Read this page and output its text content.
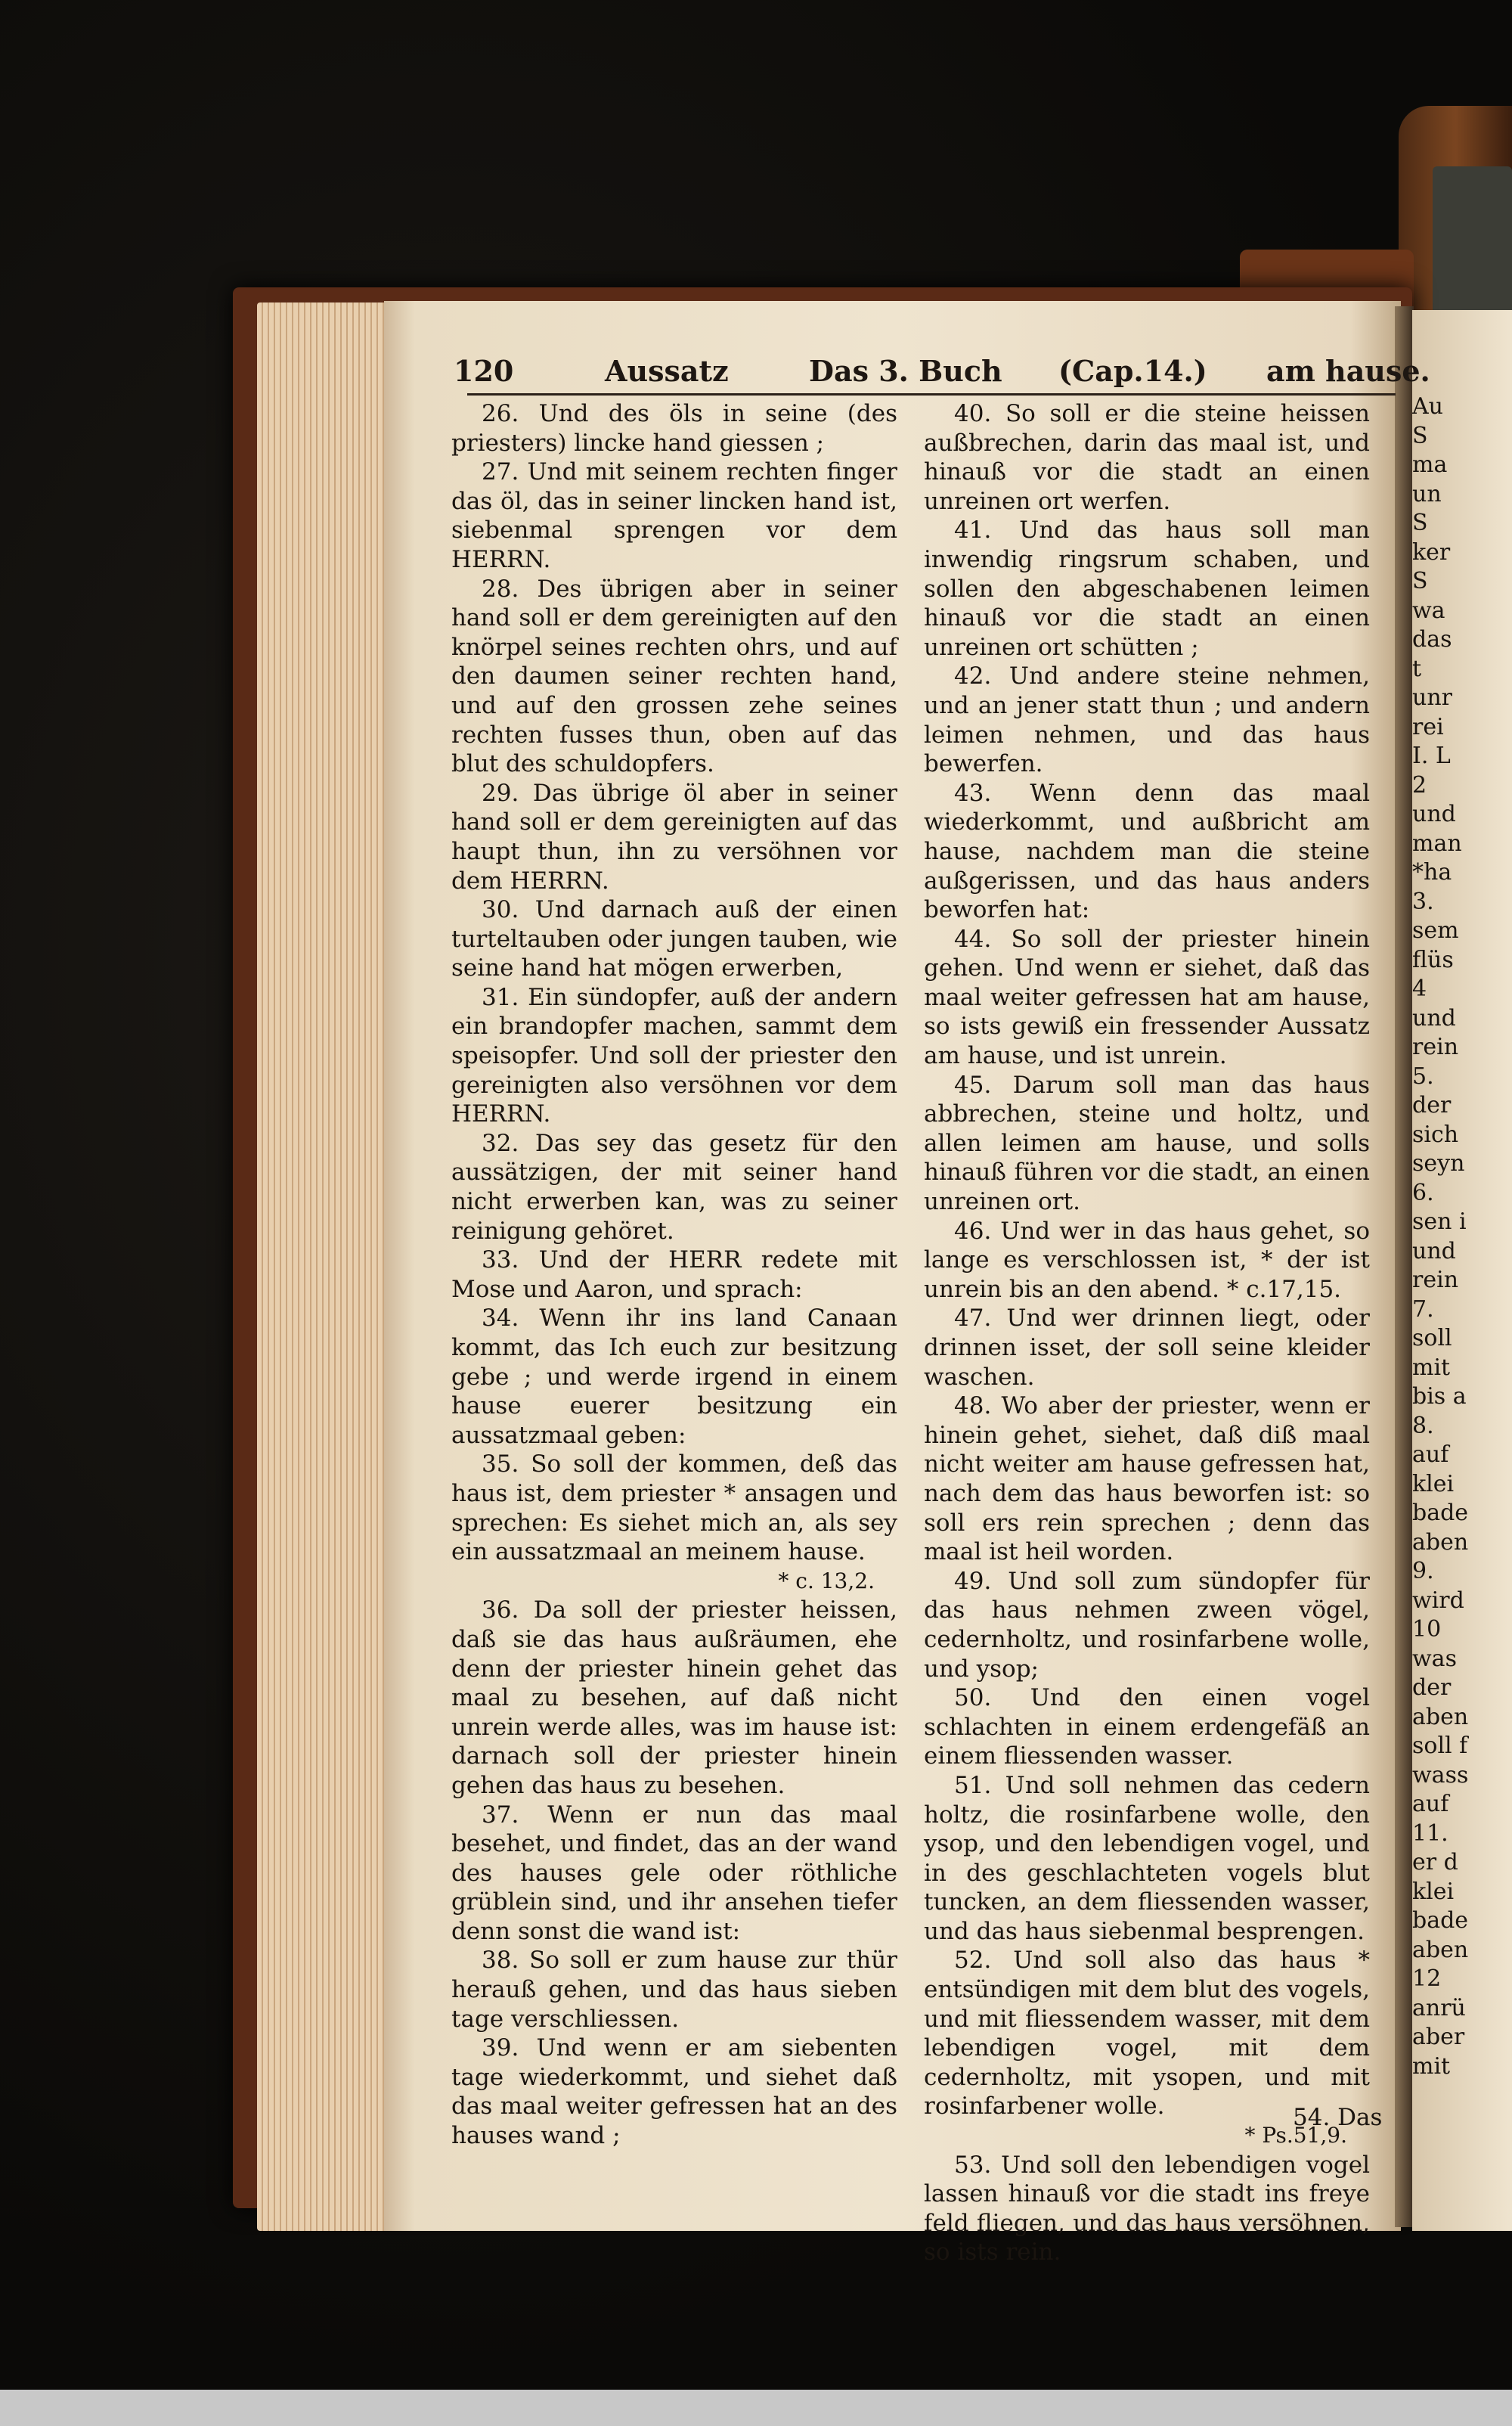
Au
S
ma
un
S
ker
S
wa
das
t
unr
rei
I. L
2
und
man
*ha
3.
sem
flüs
4
und
rein
5.
der
sich
seyn
6.
sen i
und
rein
7.
soll
mit
bis a
8.
auf
klei
bade
aben
9.
wird
10
was
der
aben
soll f
wass
auf
11.
er d
klei
bade
aben
12
anrü
aber
mit
120	Aussatz	Das 3. Buch (Cap.14.) am hause.

26. Und des öls in seine (des priesters) lincke hand giessen ;

27. Und mit seinem rechten finger das öl, das in seiner lincken hand ist, siebenmal sprengen vor dem HERRN.

28. Des übrigen aber in seiner hand soll er dem gereinigten auf den knörpel seines rechten ohrs, und auf den daumen seiner rechten hand, und auf den grossen zehe seines rechten fusses thun, oben auf das blut des schuldopfers.

29. Das übrige öl aber in seiner hand soll er dem gereinigten auf das haupt thun, ihn zu versöhnen vor dem HERRN.

30. Und darnach auß der einen turteltauben oder jungen tauben, wie seine hand hat mögen erwerben,

31. Ein sündopfer, auß der andern ein brandopfer machen, sammt dem speisopfer. Und soll der priester den gereinigten also versöhnen vor dem HERRN.

32. Das sey das gesetz für den aussätzigen, der mit seiner hand nicht erwerben kan, was zu seiner reinigung gehöret.

33. Und der HERR redete mit Mose und Aaron, und sprach:

34. Wenn ihr ins land Canaan kommt, das Ich euch zur besitzung gebe ; und werde irgend in einem hause euerer besitzung ein aussatzmaal geben:

35. So soll der kommen, deß das haus ist, dem priester * ansagen und sprechen: Es siehet mich an, als sey ein aussatzmaal an meinem hause.

* c. 13,2.

36. Da soll der priester heissen, daß sie das haus außräumen, ehe denn der priester hinein gehet das maal zu besehen, auf daß nicht unrein werde alles, was im hause ist: darnach soll der priester hinein gehen das haus zu besehen.

37. Wenn er nun das maal besehet, und findet, das an der wand des hauses gele oder röthliche grüblein sind, und ihr ansehen tiefer denn sonst die wand ist:

38. So soll er zum hause zur thür herauß gehen, und das haus sieben tage verschliessen.

39. Und wenn er am siebenten tage wiederkommt, und siehet daß das maal weiter gefressen hat an des hauses wand ;

40. So soll er die steine heissen außbrechen, darin das maal ist, und hinauß vor die stadt an einen unreinen ort werfen.

41. Und das haus soll man inwendig ringsrum schaben, und sollen den abgeschabenen leimen hinauß vor die stadt an einen unreinen ort schütten ;

42. Und andere steine nehmen, und an jener statt thun ; und andern leimen nehmen, und das haus bewerfen.

43. Wenn denn das maal wiederkommt, und außbricht am hause, nachdem man die steine außgerissen, und das haus anders beworfen hat:

44. So soll der priester hinein gehen. Und wenn er siehet, daß das maal weiter gefressen hat am hause, so ists gewiß ein fressender Aussatz am hause, und ist unrein.

45. Darum soll man das haus abbrechen, steine und holtz, und allen leimen am hause, und solls hinauß führen vor die stadt, an einen unreinen ort.

46. Und wer in das haus gehet, so lange es verschlossen ist, * der ist unrein bis an den abend. * c.17,15.

47. Und wer drinnen liegt, oder drinnen isset, der soll seine kleider waschen.

48. Wo aber der priester, wenn er hinein gehet, siehet, daß diß maal nicht weiter am hause gefressen hat, nach dem das haus beworfen ist: so soll ers rein sprechen ; denn das maal ist heil worden.

49. Und soll zum sündopfer für das haus nehmen zween vögel, cedernholtz, und rosinfarbene wolle, und ysop;

50. Und den einen vogel schlachten in einem erdengefäß an einem fliessenden wasser.

51. Und soll nehmen das cedern holtz, die rosinfarbene wolle, den ysop, und den lebendigen vogel, und in des geschlachteten vogels blut tuncken, an dem fliessenden wasser, und das haus siebenmal besprengen.

52. Und soll also das haus * entsündigen mit dem blut des vogels, und mit fliessendem wasser, mit dem lebendigen vogel, mit dem cedernholtz, mit ysopen, und mit rosinfarbener wolle.

* Ps.51,9.

53. Und soll den lebendigen vogel lassen hinauß vor die stadt ins freye feld fliegen, und das haus versöhnen, so ists rein.

54. Das
